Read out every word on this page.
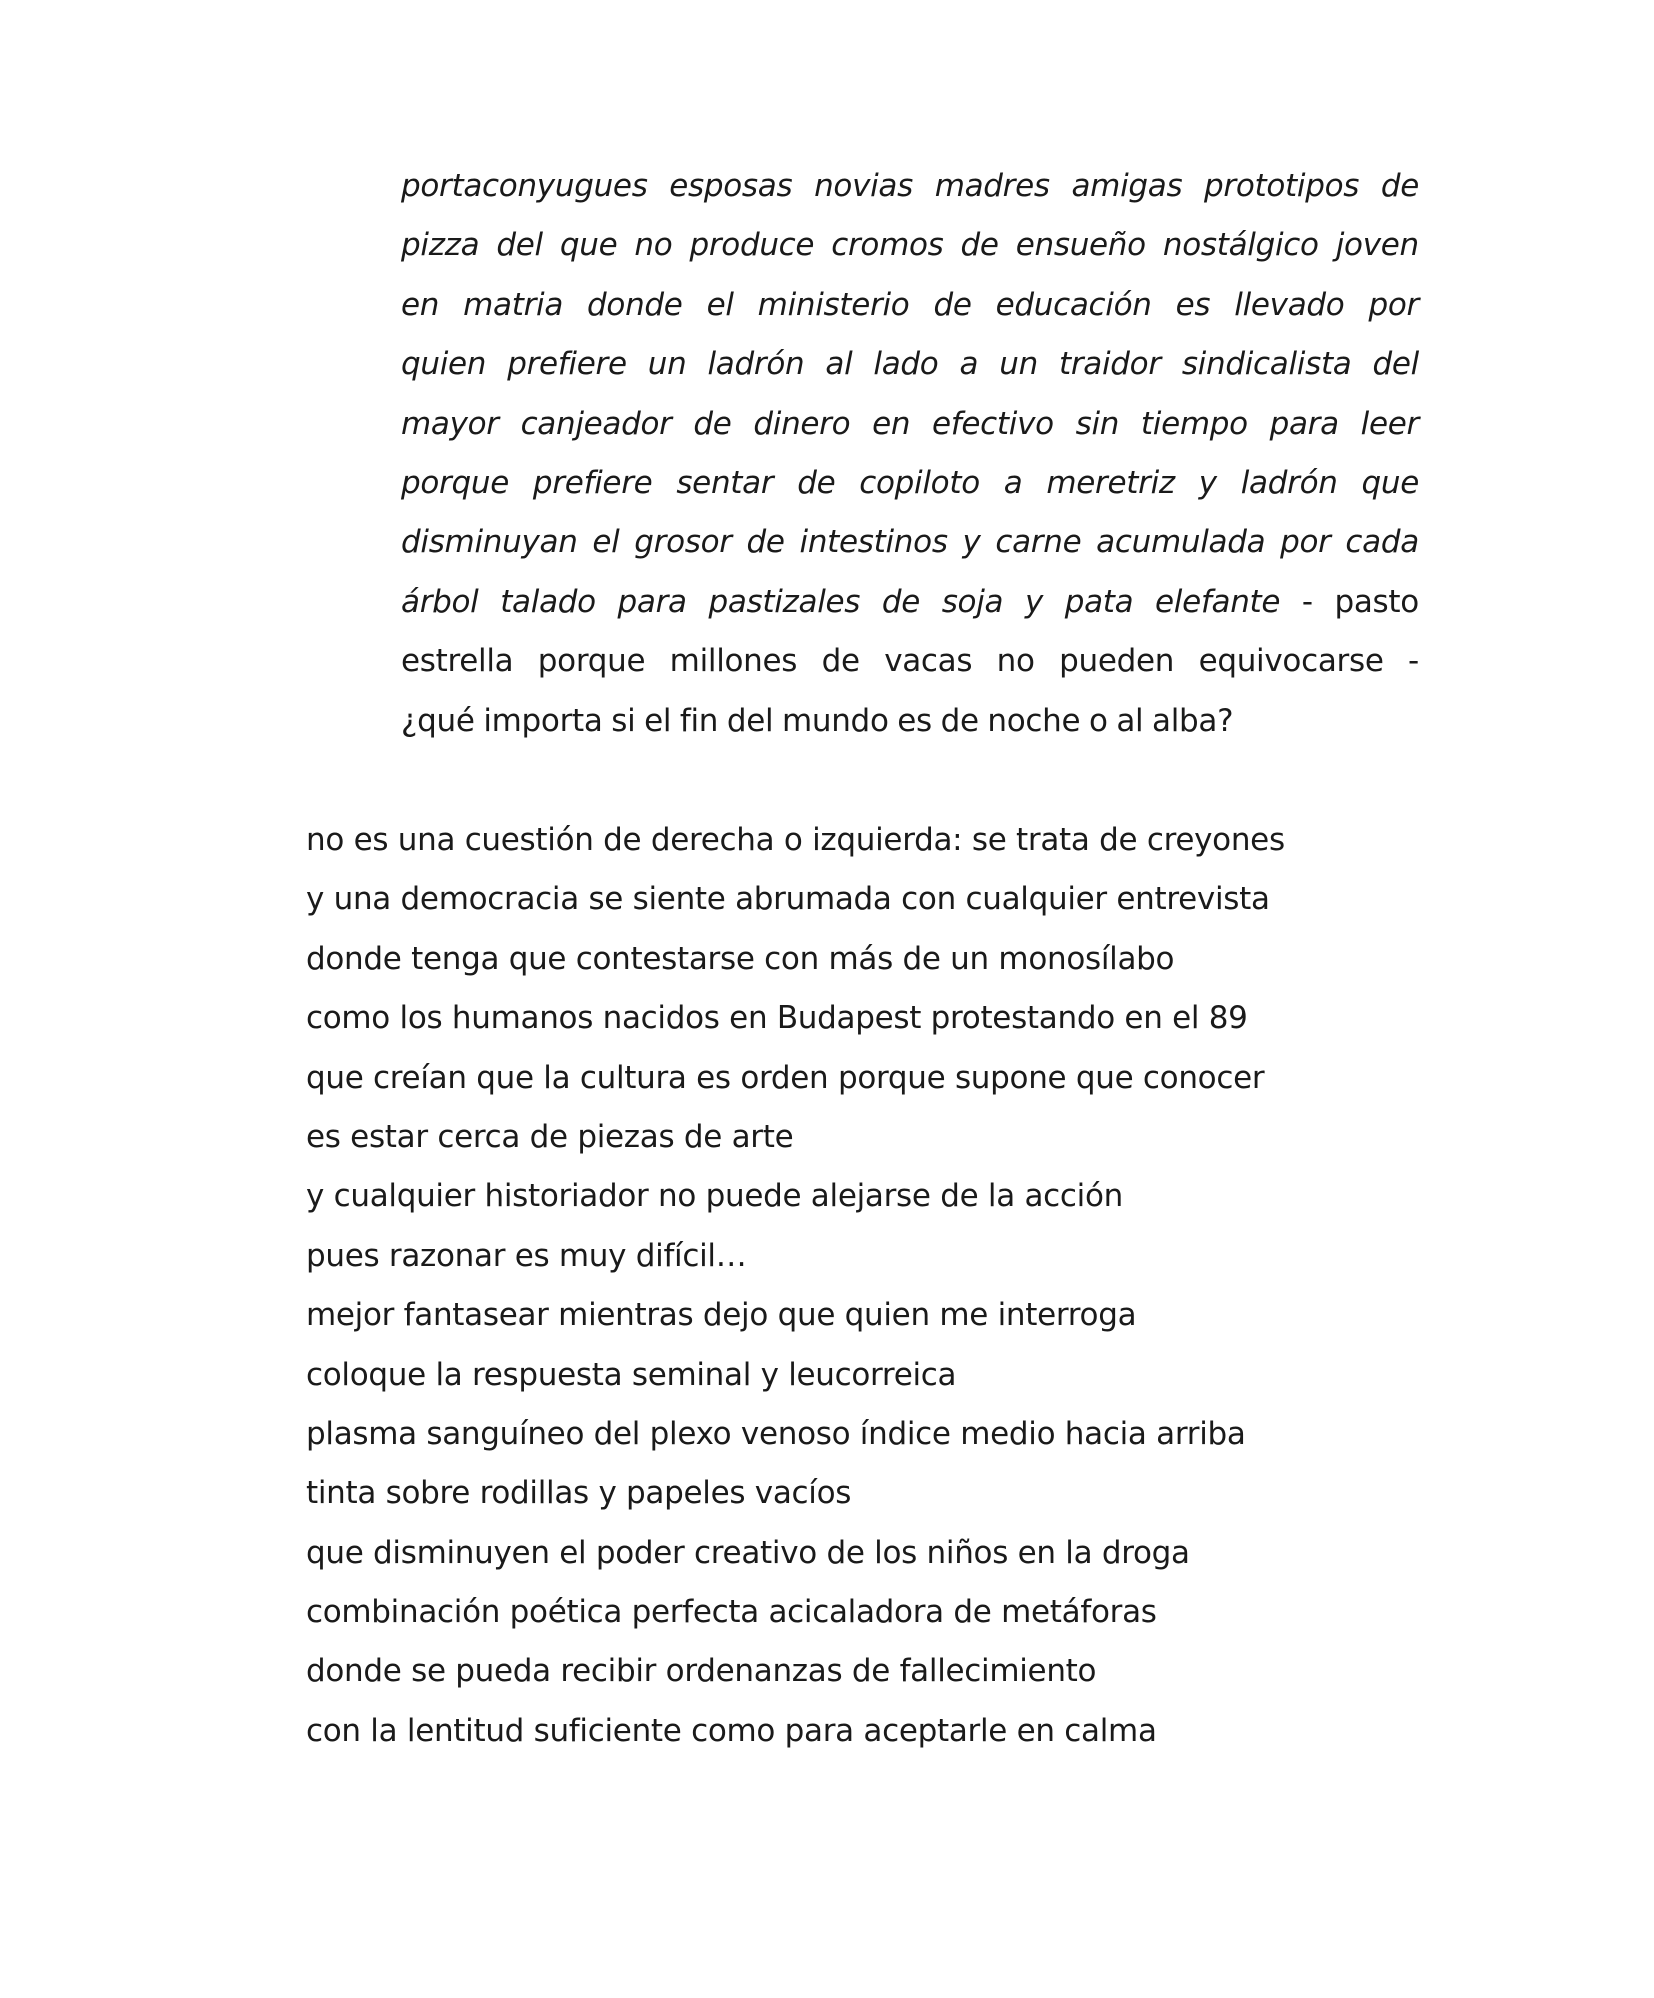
portaconyugues esposas novias madres amigas prototipos de
pizza del que no produce cromos de ensueño nostálgico joven
en matria donde el ministerio de educación es llevado por
quien prefiere un ladrón al lado a un traidor sindicalista del
mayor canjeador de dinero en efectivo sin tiempo para leer
porque prefiere sentar de copiloto a meretriz y ladrón que
disminuyan el grosor de intestinos y carne acumulada por cada
árbol talado para pastizales de soja y pata elefante - pasto
estrella porque millones de vacas no pueden equivocarse -
¿qué importa si el fin del mundo es de noche o al alba?
no es una cuestión de derecha o izquierda: se trata de creyones
y una democracia se siente abrumada con cualquier entrevista
donde tenga que contestarse con más de un monosílabo
como los humanos nacidos en Budapest protestando en el 89
que creían que la cultura es orden porque supone que conocer
es estar cerca de piezas de arte
y cualquier historiador no puede alejarse de la acción
pues razonar es muy difícil…
mejor fantasear mientras dejo que quien me interroga
coloque la respuesta seminal y leucorreica
plasma sanguíneo del plexo venoso índice medio hacia arriba
tinta sobre rodillas y papeles vacíos
que disminuyen el poder creativo de los niños en la droga
combinación poética perfecta acicaladora de metáforas
donde se pueda recibir ordenanzas de fallecimiento
con la lentitud suficiente como para aceptarle en calma
